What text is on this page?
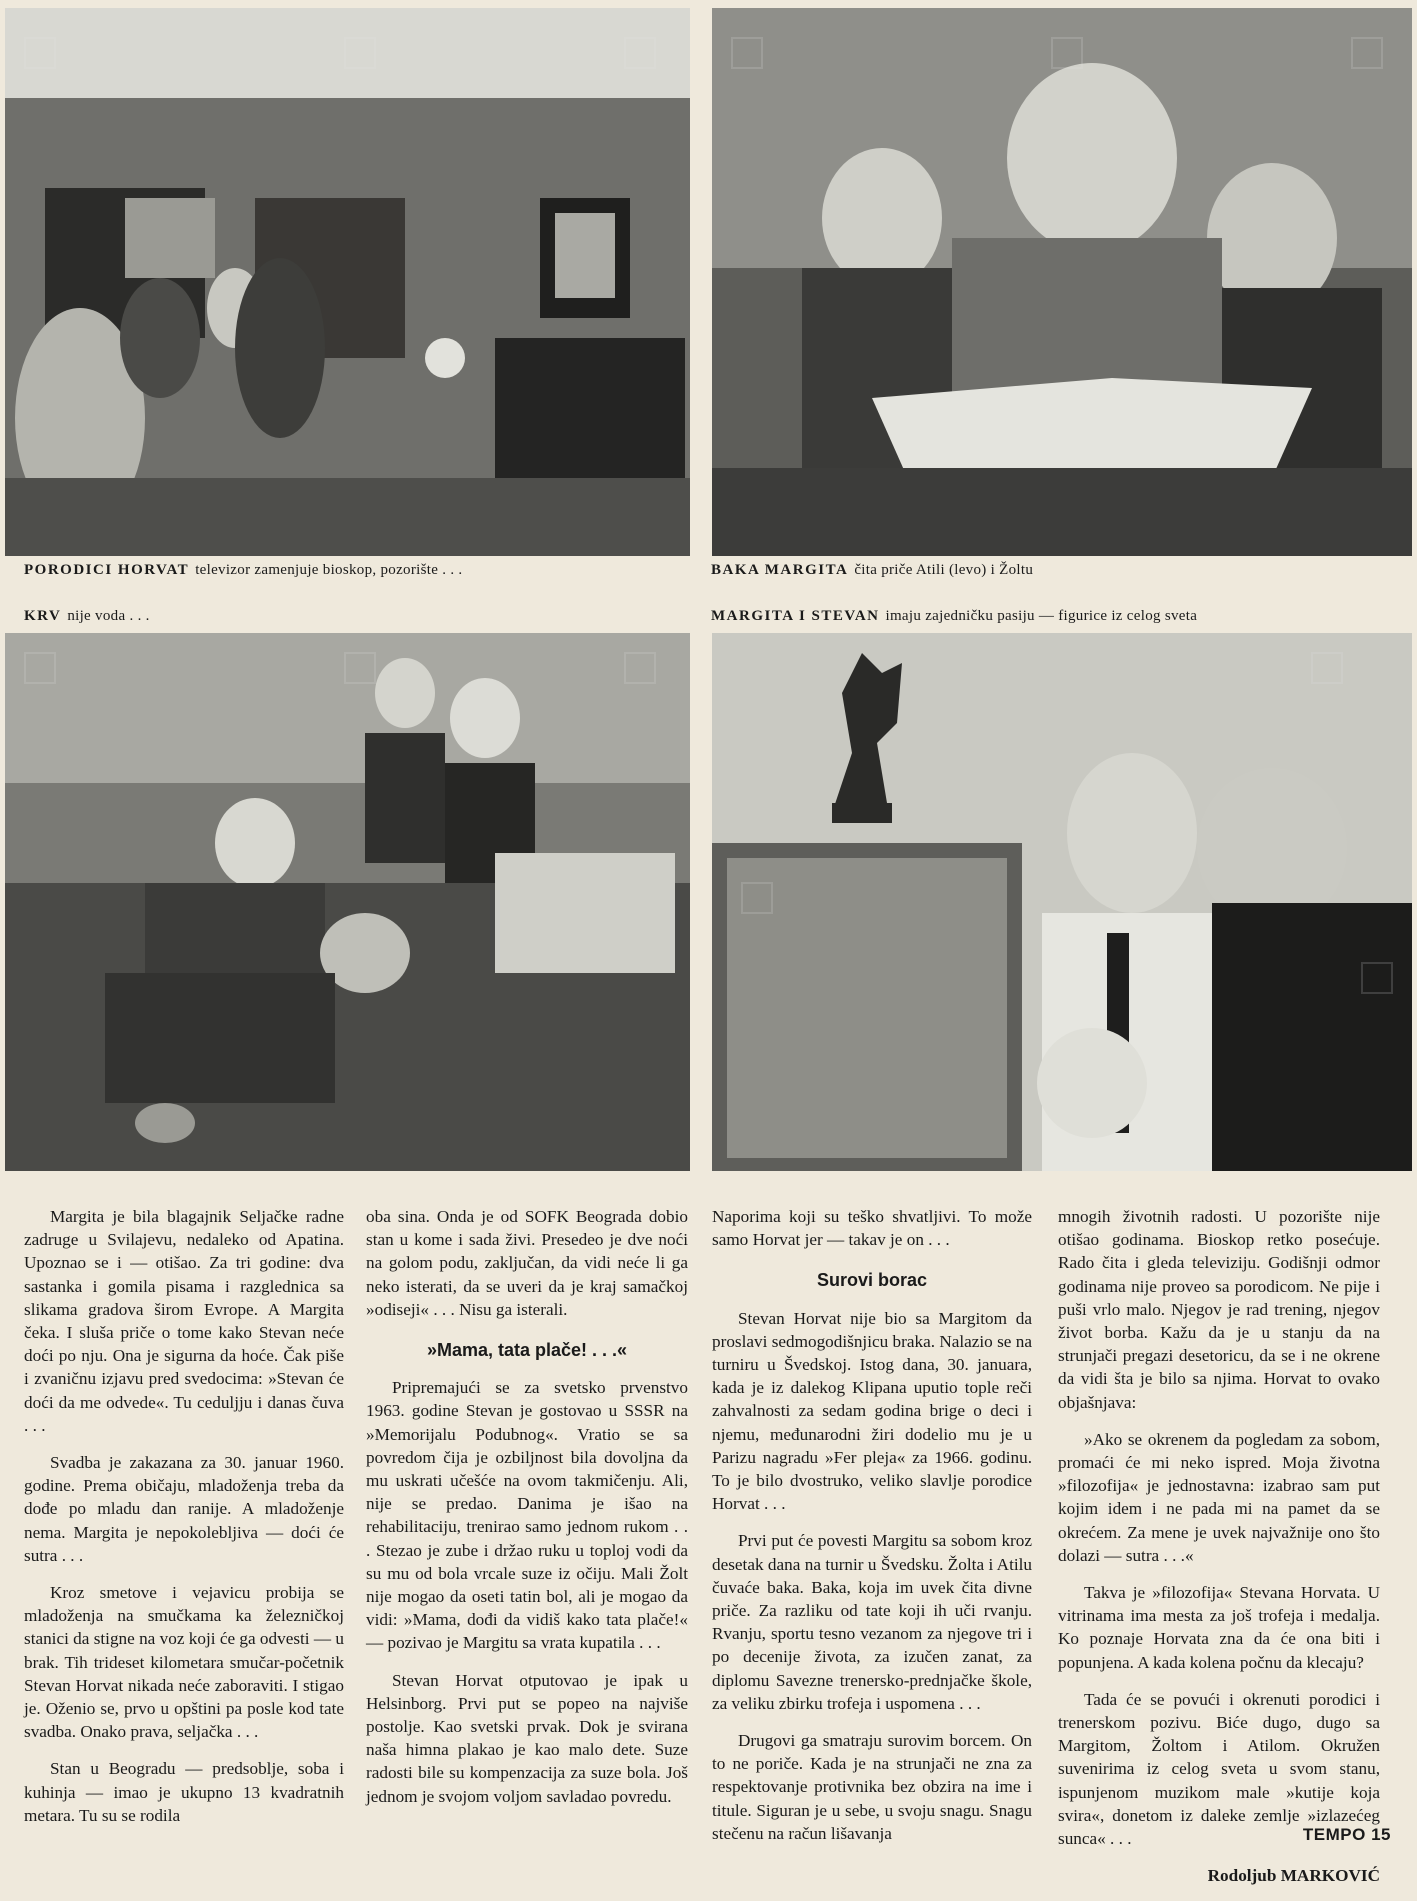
PORODICI HORVAT televizor zamenjuje bioskop, pozorište . . .	BAKA MARGITA čita priče Atili (levo) i Žoltu
KRV nije voda . . .	MARGITA I STEVAN imaju zajedničku pasiju — figurice iz celog sveta

Margita je bila blagajnik Seljačke radne zadruge u Svilajevu, nedaleko od Apatina. Upoznao se i — otišao. Za tri godine: dva sastanka i gomila pisama i razglednica sa slikama gradova širom Evrope. A Margita čeka. I sluša priče o tome kako Stevan neće doći po nju. Ona je sigurna da hoće. Čak piše i zvaničnu izjavu pred svedocima: »Stevan će doći da me odvede«. Tu ceduljju i danas čuva . . .

Svadba je zakazana za 30. januar 1960. godine. Prema običaju, mladoženja treba da dođe po mladu dan ranije. A mladoženje nema. Margita je nepokolebljiva — doći će sutra . . .

Kroz smetove i vejavicu probija se mladoženja na smučkama ka železničkoj stanici da stigne na voz koji će ga odvesti — u brak. Tih trideset kilometara smučar-početnik Stevan Horvat nikada neće zaboraviti. I stigao je. Oženio se, prvo u opštini pa posle kod tate svadba. Onako prava, seljačka . . .

Stan u Beogradu — predsoblje, soba i kuhinja — imao je ukupno 13 kvadratnih metara. Tu su se rodila

oba sina. Onda je od SOFK Beograda dobio stan u kome i sada živi. Presedeo je dve noći na golom podu, zaključan, da vidi neće li ga neko isterati, da se uveri da je kraj samačkoj »odiseji« . . . Nisu ga isterali.

»Mama, tata plače! . . .«

Pripremajući se za svetsko prvenstvo 1963. godine Stevan je gostovao u SSSR na »Memorijalu Podubnog«. Vratio se sa povredom čija je ozbiljnost bila dovoljna da mu uskrati učešće na ovom takmičenju. Ali, nije se predao. Danima je išao na rehabilitaciju, trenirao samo jednom rukom . . . Stezao je zube i držao ruku u toploj vodi da su mu od bola vrcale suze iz očiju. Mali Žolt nije mogao da oseti tatin bol, ali je mogao da vidi: »Mama, dođi da vidiš kako tata plače!« — pozivao je Margitu sa vrata kupatila . . .

Stevan Horvat otputovao je ipak u Helsinborg. Prvi put se popeo na najviše postolje. Kao svetski prvak. Dok je svirana naša himna plakao je kao malo dete. Suze radosti bile su kompenzacija za suze bola. Još jednom je svojom voljom savladao povredu.

Naporima koji su teško shvatljivi. To može samo Horvat jer — takav je on . . .

Surovi borac

Stevan Horvat nije bio sa Margitom da proslavi sedmogodišnjicu braka. Nalazio se na turniru u Švedskoj. Istog dana, 30. januara, kada je iz dalekog Klipana uputio tople reči zahvalnosti za sedam godina brige o deci i njemu, međunarodni žiri dodelio mu je u Parizu nagradu »Fer pleja« za 1966. godinu. To je bilo dvostruko, veliko slavlje porodice Horvat . . .

Prvi put će povesti Margitu sa sobom kroz desetak dana na turnir u Švedsku. Žolta i Atilu čuvaće baka. Baka, koja im uvek čita divne priče. Za razliku od tate koji ih uči rvanju. Rvanju, sportu tesno vezanom za njegove tri i po decenije života, za izučen zanat, za diplomu Savezne trenersko-prednjačke škole, za veliku zbirku trofeja i uspomena . . .

Drugovi ga smatraju surovim borcem. On to ne poriče. Kada je na strunjači ne zna za respektovanje protivnika bez obzira na ime i titule. Siguran je u sebe, u svoju snagu. Snagu stečenu na račun lišavanja

mnogih životnih radosti. U pozorište nije otišao godinama. Bioskop retko posećuje. Rado čita i gleda televiziju. Godišnji odmor godinama nije proveo sa porodicom. Ne pije i puši vrlo malo. Njegov je rad trening, njegov život borba. Kažu da je u stanju da na strunjači pregazi desetoricu, da se i ne okrene da vidi šta je bilo sa njima. Horvat to ovako objašnjava:

»Ako se okrenem da pogledam za sobom, promaći će mi neko ispred. Moja životna »filozofija« je jednostavna: izabrao sam put kojim idem i ne pada mi na pamet da se okrećem. Za mene je uvek najvažnije ono što dolazi — sutra . . .«

Takva je »filozofija« Stevana Horvata. U vitrinama ima mesta za još trofeja i medalja. Ko poznaje Horvata zna da će ona biti i popunjena. A kada kolena počnu da klecaju?

Tada će se povući i okrenuti porodici i trenerskom pozivu. Biće dugo, dugo sa Margitom, Žoltom i Atilom. Okružen suvenirima iz celog sveta u svom stanu, ispunjenom muzikom male »kutije koja svira«, donetom iz daleke zemlje »izlazećeg sunca« . . .

Rodoljub MARKOVIĆ

TEMPO 15
